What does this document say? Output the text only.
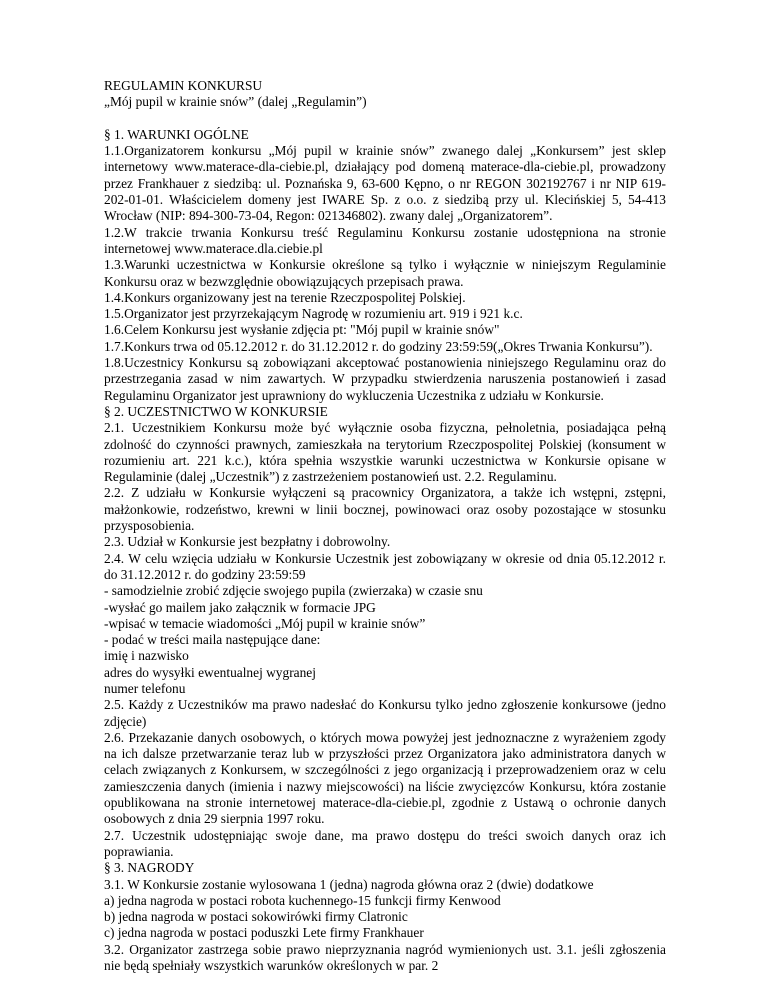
REGULAMIN KONKURSU
„Mój pupil w krainie snów” (dalej „Regulamin”)
§ 1. WARUNKI OGÓLNE
1.1.Organizatorem konkursu „Mój pupil w krainie snów” zwanego dalej „Konkursem” jest sklep
internetowy www.materace-dla-ciebie.pl, działający pod domeną materace-dla-ciebie.pl, prowadzony
przez Frankhauer z siedzibą: ul. Poznańska 9, 63-600 Kępno, o nr REGON 302192767 i nr NIP 619-
202-01-01. Właścicielem domeny jest IWARE Sp. z o.o. z siedzibą przy ul. Klecińskiej 5, 54-413
Wrocław (NIP: 894-300-73-04, Regon: 021346802). zwany dalej „Organizatorem”.
1.2.W trakcie trwania Konkursu treść Regulaminu Konkursu zostanie udostępniona na stronie
internetowej www.materace.dla.ciebie.pl
1.3.Warunki uczestnictwa w Konkursie określone są tylko i wyłącznie w niniejszym Regulaminie
Konkursu oraz w bezwzględnie obowiązujących przepisach prawa.
1.4.Konkurs organizowany jest na terenie Rzeczpospolitej Polskiej.
1.5.Organizator jest przyrzekającym Nagrodę w rozumieniu art. 919 i 921 k.c.
1.6.Celem Konkursu jest wysłanie zdjęcia pt: "Mój pupil w krainie snów"
1.7.Konkurs trwa od 05.12.2012 r. do 31.12.2012 r. do godziny 23:59:59(„Okres Trwania Konkursu”).
1.8.Uczestnicy Konkursu są zobowiązani akceptować postanowienia niniejszego Regulaminu oraz do
przestrzegania zasad w nim zawartych. W przypadku stwierdzenia naruszenia postanowień i zasad
Regulaminu Organizator jest uprawniony do wykluczenia Uczestnika z udziału w Konkursie.
§ 2. UCZESTNICTWO W KONKURSIE
2.1. Uczestnikiem Konkursu może być wyłącznie osoba fizyczna, pełnoletnia, posiadająca pełną
zdolność do czynności prawnych, zamieszkała na terytorium Rzeczpospolitej Polskiej (konsument w
rozumieniu art. 221 k.c.), która spełnia wszystkie warunki uczestnictwa w Konkursie opisane w
Regulaminie (dalej „Uczestnik”) z zastrzeżeniem postanowień ust. 2.2. Regulaminu.
2.2. Z udziału w Konkursie wyłączeni są pracownicy Organizatora, a także ich wstępni, zstępni,
małżonkowie, rodzeństwo, krewni w linii bocznej, powinowaci oraz osoby pozostające w stosunku
przysposobienia.
2.3. Udział w Konkursie jest bezpłatny i dobrowolny.
2.4. W celu wzięcia udziału w Konkursie Uczestnik jest zobowiązany w okresie od dnia 05.12.2012 r.
do 31.12.2012 r. do godziny 23:59:59
- samodzielnie zrobić zdjęcie swojego pupila (zwierzaka) w czasie snu
-wysłać go mailem jako załącznik w formacie JPG
-wpisać w temacie wiadomości „Mój pupil w krainie snów”
- podać w treści maila następujące dane:
imię i nazwisko
adres do wysyłki ewentualnej wygranej
numer telefonu
2.5. Każdy z Uczestników ma prawo nadesłać do Konkursu tylko jedno zgłoszenie konkursowe (jedno
zdjęcie)
2.6. Przekazanie danych osobowych, o których mowa powyżej jest jednoznaczne z wyrażeniem zgody
na ich dalsze przetwarzanie teraz lub w przyszłości przez Organizatora jako administratora danych w
celach związanych z Konkursem, w szczególności z jego organizacją i przeprowadzeniem oraz w celu
zamieszczenia danych (imienia i nazwy miejscowości) na liście zwycięzców Konkursu, która zostanie
opublikowana na stronie internetowej materace-dla-ciebie.pl, zgodnie z Ustawą o ochronie danych
osobowych z dnia 29 sierpnia 1997 roku.
2.7. Uczestnik udostępniając swoje dane, ma prawo dostępu do treści swoich danych oraz ich
poprawiania.
§ 3. NAGRODY
3.1. W Konkursie zostanie wylosowana 1 (jedna) nagroda główna oraz 2 (dwie) dodatkowe
a) jedna nagroda w postaci robota kuchennego-15 funkcji firmy Kenwood
b) jedna nagroda w postaci sokowirówki firmy Clatronic
c) jedna nagroda w postaci poduszki Lete firmy Frankhauer
3.2. Organizator zastrzega sobie prawo nieprzyznania nagród wymienionych ust. 3.1. jeśli zgłoszenia
nie będą spełniały wszystkich warunków określonych w par. 2
